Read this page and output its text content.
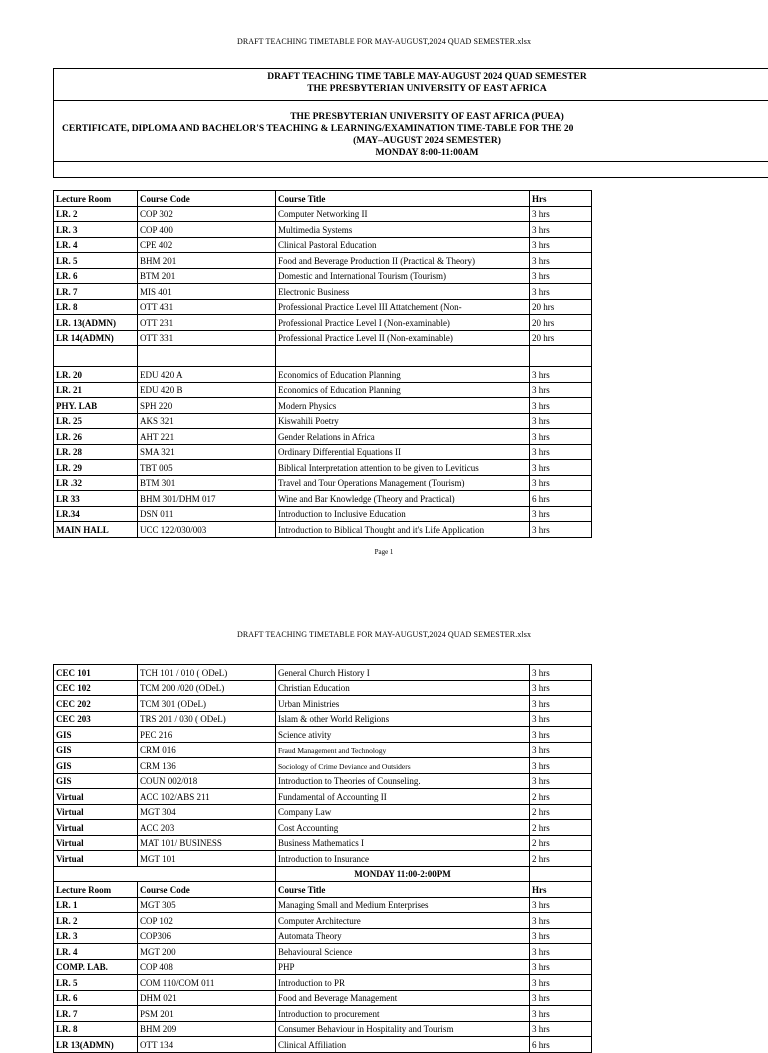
DRAFT TEACHING TIMETABLE FOR MAY-AUGUST,2024 QUAD SEMESTER.xlsx
DRAFT TEACHING TIME TABLE MAY-AUGUST 2024 QUAD SEMESTER
THE PRESBYTERIAN UNIVERSITY OF EAST AFRICA
THE PRESBYTERIAN UNIVERSITY OF EAST AFRICA (PUEA)
CERTIFICATE, DIPLOMA AND BACHELOR'S TEACHING & LEARNING/EXAMINATION TIME-TABLE FOR THE 20
(MAY–AUGUST 2024 SEMESTER)
MONDAY 8:00-11:00AM
Lecture Room	Course Code	Course Title	Hrs
LR. 2	COP 302	Computer Networking II	3 hrs
LR. 3	COP 400	Multimedia Systems	3 hrs
LR. 4	CPE 402	Clinical Pastoral Education	3 hrs
LR. 5	BHM 201	Food and Beverage Production II (Practical & Theory)	3 hrs
LR. 6	BTM 201	Domestic and International Tourism (Tourism)	3 hrs
LR. 7	MIS 401	Electronic Business	3 hrs
LR. 8	OTT 431	Professional Practice Level III Attatchement (Non-	20 hrs
LR. 13(ADMN)	OTT 231	Professional Practice Level I (Non-examinable)	20 hrs
LR 14(ADMN)	OTT 331	Professional Practice Level II (Non-examinable)	20 hrs

LR. 20	EDU 420 A	Economics of Education Planning	3 hrs
LR. 21	EDU 420 B	Economics of Education Planning	3 hrs
PHY. LAB	SPH 220	Modern Physics	3 hrs
LR. 25	AKS 321	Kiswahili Poetry	3 hrs
LR. 26	AHT 221	Gender Relations in Africa	3 hrs
LR. 28	SMA 321	Ordinary Differential Equations II	3 hrs
LR. 29	TBT 005	Biblical Interpretation attention to be given to Leviticus	3 hrs
LR .32	BTM 301	Travel and Tour Operations Management (Tourism)	3 hrs
LR 33	BHM 301/DHM 017	Wine and Bar Knowledge (Theory and Practical)	6 hrs
LR.34	DSN 011	Introduction to Inclusive Education	3 hrs
MAIN HALL	UCC 122/030/003	Introduction to Biblical Thought and it's Life Application	3 hrs
Page 1
DRAFT TEACHING TIMETABLE FOR MAY-AUGUST,2024 QUAD SEMESTER.xlsx
CEC 101	TCH 101 / 010 ( ODeL)	General Church History I	3 hrs
CEC 102	TCM 200 /020 (ODeL)	Christian Education	3 hrs
CEC 202	TCM 301 (ODeL)	Urban Ministries	3 hrs
CEC 203	TRS 201 / 030 ( ODeL)	Islam & other World Religions	3 hrs
GIS	PEC 216	Science ativity	3 hrs
GIS	CRM 016	Fraud Management and Technology	3 hrs
GIS	CRM 136	Sociology of Crime Deviance and Outsiders	3 hrs
GIS	COUN 002/018	Introduction to Theories of Counseling.	3 hrs
Virtual	ACC 102/ABS 211	Fundamental of Accounting II	2 hrs
Virtual	MGT 304	Company Law	2 hrs
Virtual	ACC 203	Cost Accounting	2 hrs
Virtual	MAT 101/ BUSINESS	Business Mathematics I	2 hrs
Virtual	MGT 101	Introduction to Insurance	2 hrs
		MONDAY 11:00-2:00PM	
Lecture Room	Course Code	Course Title	Hrs
LR. 1	MGT 305	Managing Small and Medium Enterprises	3 hrs
LR. 2	COP 102	Computer Architecture	3 hrs
LR. 3	COP306	Automata Theory	3 hrs
LR. 4	MGT 200	Behavioural Science	3 hrs
COMP. LAB.	COP 408	PHP	3 hrs
LR. 5	COM 110/COM 011	Introduction to PR	3 hrs
LR. 6	DHM 021	Food and Beverage Management	3 hrs
LR. 7	PSM 201	Introduction to procurement	3 hrs
LR. 8	BHM 209	Consumer Behaviour in Hospitality and Tourism	3 hrs
LR 13(ADMN)	OTT 134	Clinical Affiliation	6 hrs
